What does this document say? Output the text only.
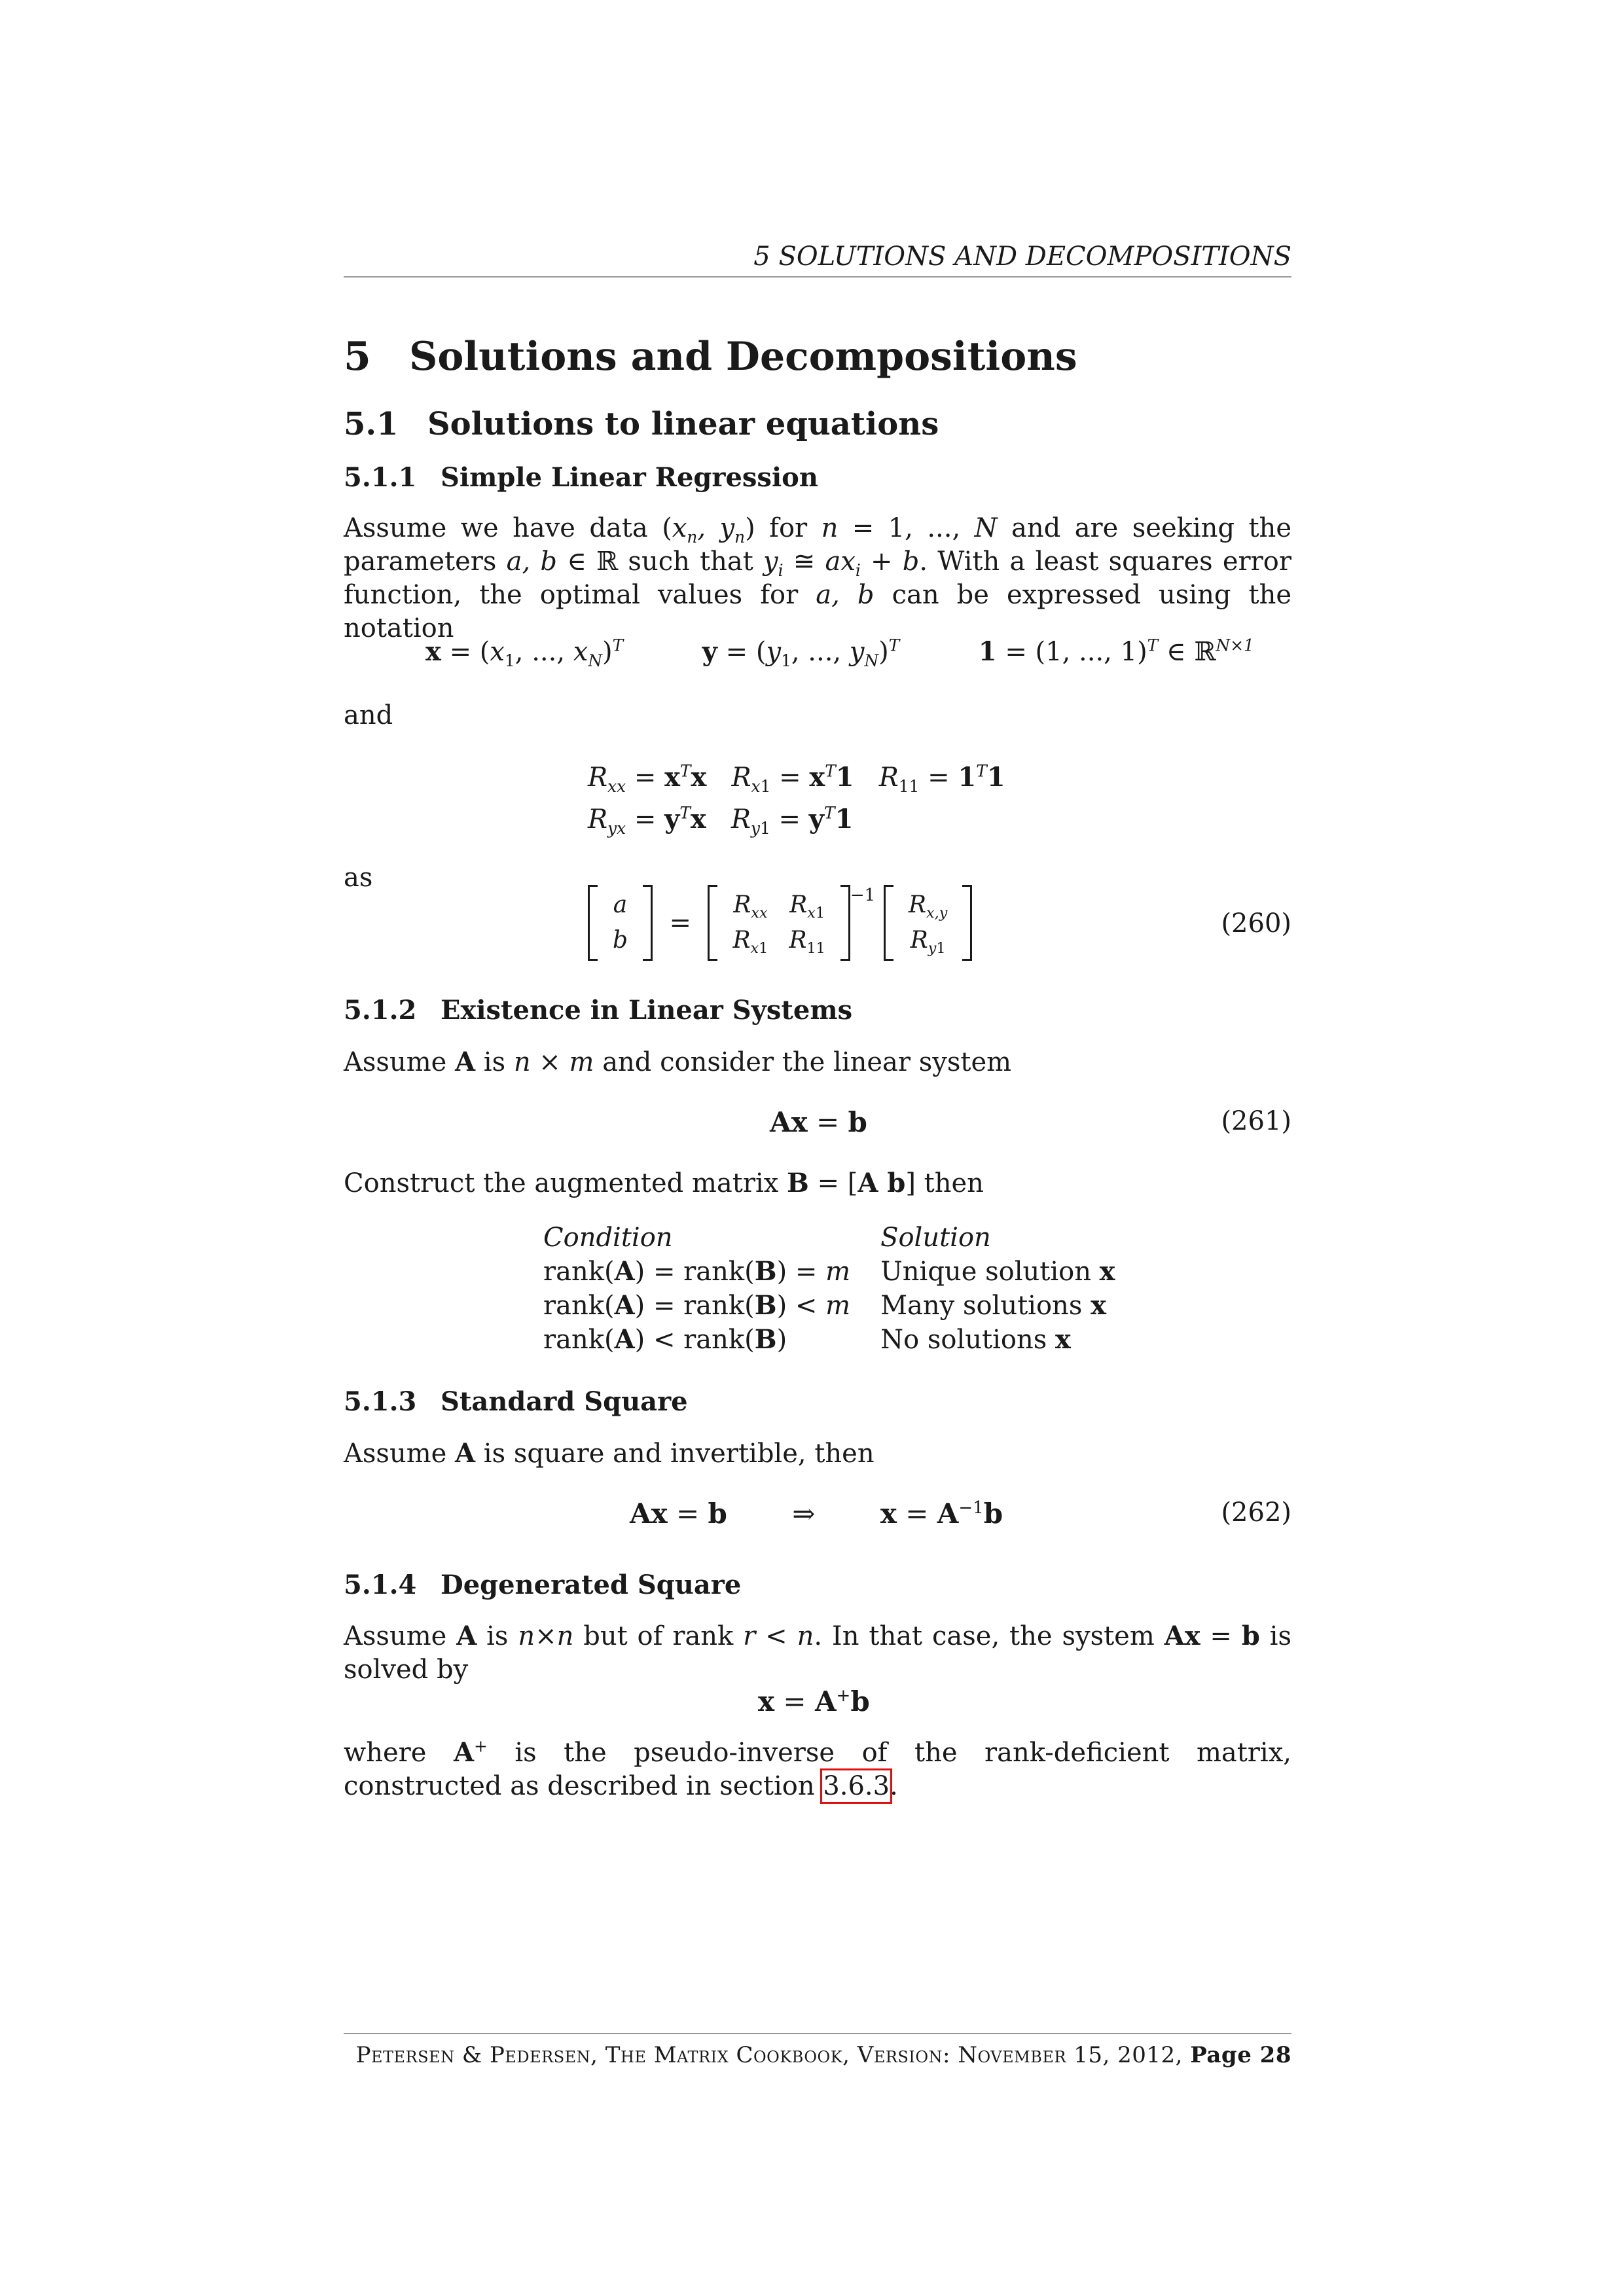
5 SOLUTIONS AND DECOMPOSITIONS
5 Solutions and Decompositions
5.1 Solutions to linear equations
5.1.1 Simple Linear Regression

Assume we have data ($x_n$, $y_n$) for n = 1, ..., N and are seeking the parameters a, b ∈ ℝ such that $y_i$ ≅ $ax_i + b$. With a least squares error function, the optimal values for a, b can be expressed using the notation

$x = (x_1$, ..., $x_N)^T$	$y = (y_1$, ..., $y_N)^T$	1 = (1, ..., 1)$^T$ ∈ ℝ$^{N\times 1}$
and
$R_{xx} = x^Tx$ $R_{x1} = x^T1$ $R_{11} = 1^T1$
$R_{yx} = y^Tx$ $R_{y1} = y^T1$
as
a
b
=
$R_{xx}$	$R_{x1}$
$R_{x1}$	$R_{11}$
$^{-1}$ $R_{x,y}$
$R_{y1}$
(260)
5.1.2 Existence in Linear Systems
Assume A is n × m and consider the linear system
Ax = b	(261)
Construct the augmented matrix B = [A b] then
Condition	Solution
rank(A) = rank(B) = m	Unique solution x
rank(A) = rank(B) < m	Many solutions x
rank(A) < rank(B)	No solutions x
5.1.3 Standard Square
Assume A is square and invertible, then
Ax = b ⇒ $x = A^{-1}b$	(262)
5.1.4 Degenerated Square

Assume A is n×n but of rank r < n. In that case, the system Ax = b is solved by

x = A+b

where A+ is the pseudo-inverse of the rank-deficient matrix, constructed as described in section 3.6.3.

Petersen & Pedersen, The Matrix Cookbook, Version: November 15, 2012, Page 28
